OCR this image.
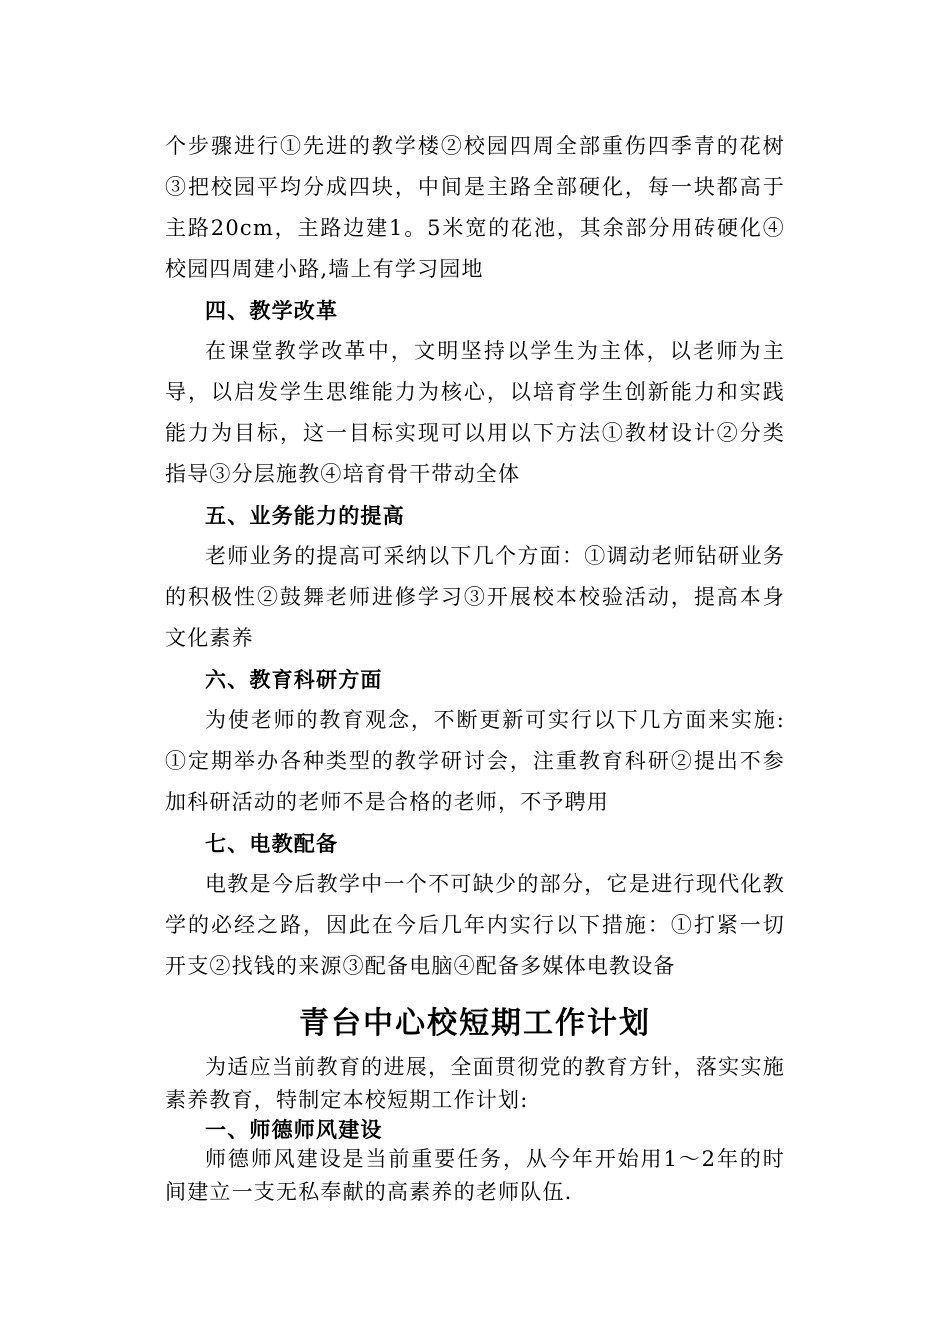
个步骤进行①先进的教学楼②校园四周全部重伤四季青的花树③把校园平均分成四块，中间是主路全部硬化，每一块都高于主路20cm，主路边建1。5米宽的花池，其余部分用砖硬化④校园四周建小路,墙上有学习园地

四、教学改革

在课堂教学改革中，文明坚持以学生为主体，以老师为主导，以启发学生思维能力为核心，以培育学生创新能力和实践能力为目标，这一目标实现可以用以下方法①教材设计②分类指导③分层施教④培育骨干带动全体

五、业务能力的提高

老师业务的提高可采纳以下几个方面：①调动老师钻研业务的积极性②鼓舞老师进修学习③开展校本校验活动，提高本身文化素养

六、教育科研方面

为使老师的教育观念，不断更新可实行以下几方面来实施:①定期举办各种类型的教学研讨会，注重教育科研②提出不参加科研活动的老师不是合格的老师，不予聘用

七、电教配备

电教是今后教学中一个不可缺少的部分，它是进行现代化教学的必经之路，因此在今后几年内实行以下措施：①打紧一切开支②找钱的来源③配备电脑④配备多媒体电教设备

青台中心校短期工作计划

为适应当前教育的进展，全面贯彻党的教育方针，落实实施素养教育，特制定本校短期工作计划:

一、师德师风建设

师德师风建设是当前重要任务，从今年开始用1～2年的时间建立一支无私奉献的高素养的老师队伍.
